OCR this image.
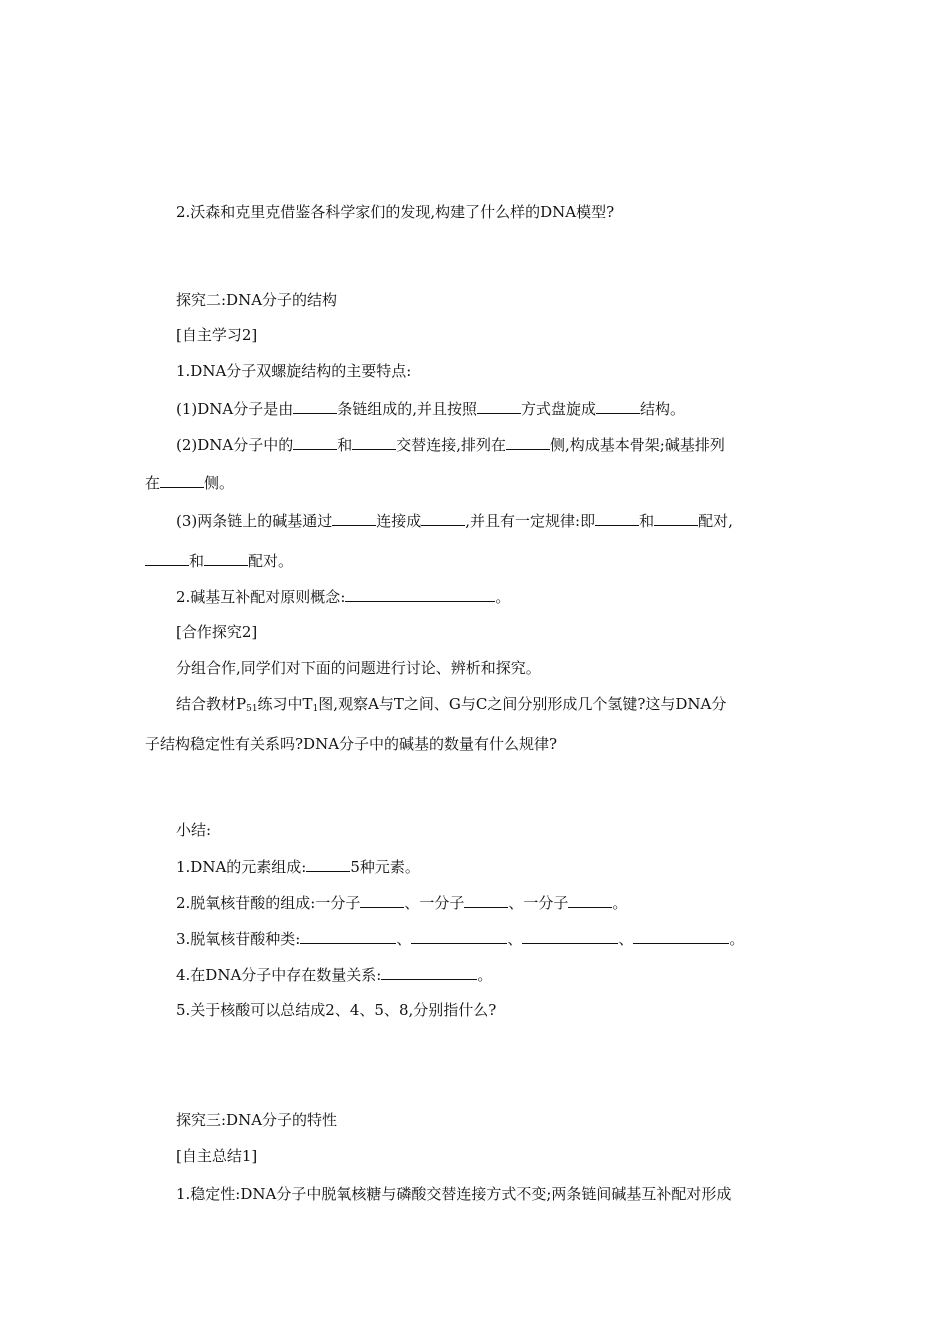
2.沃森和克里克借鉴各科学家们的发现,构建了什么样的DNA模型?
探究二:DNA分子的结构
[自主学习2]
1.DNA分子双螺旋结构的主要特点:
(1)DNA分子是由	条链组成的,并且按照	方式盘旋成	结构。
(2)DNA分子中的	和	交替连接,排列在	侧,构成基本骨架;碱基排列
在	侧。
(3)两条链上的碱基通过	连接成	,并且有一定规律:即	和	配对,
和	配对。
2.碱基互补配对原则概念:	。
[合作探究2]
分组合作,同学们对下面的问题进行讨论、辨析和探究。
结合教材$P_{51}$练习中$T_1$图,观察A与T之间、G与C之间分别形成几个氢键?这与DNA分
子结构稳定性有关系吗?DNA分子中的碱基的数量有什么规律?
小结:
1.DNA的元素组成:	5种元素。
2.脱氧核苷酸的组成:一分子	、一分子	、一分子	。
3.脱氧核苷酸种类:	、	、	、	。
4.在DNA分子中存在数量关系:	。
5.关于核酸可以总结成2、4、5、8,分别指什么?
探究三:DNA分子的特性
[自主总结1]
1.稳定性:DNA分子中脱氧核糖与磷酸交替连接方式不变;两条链间碱基互补配对形成
